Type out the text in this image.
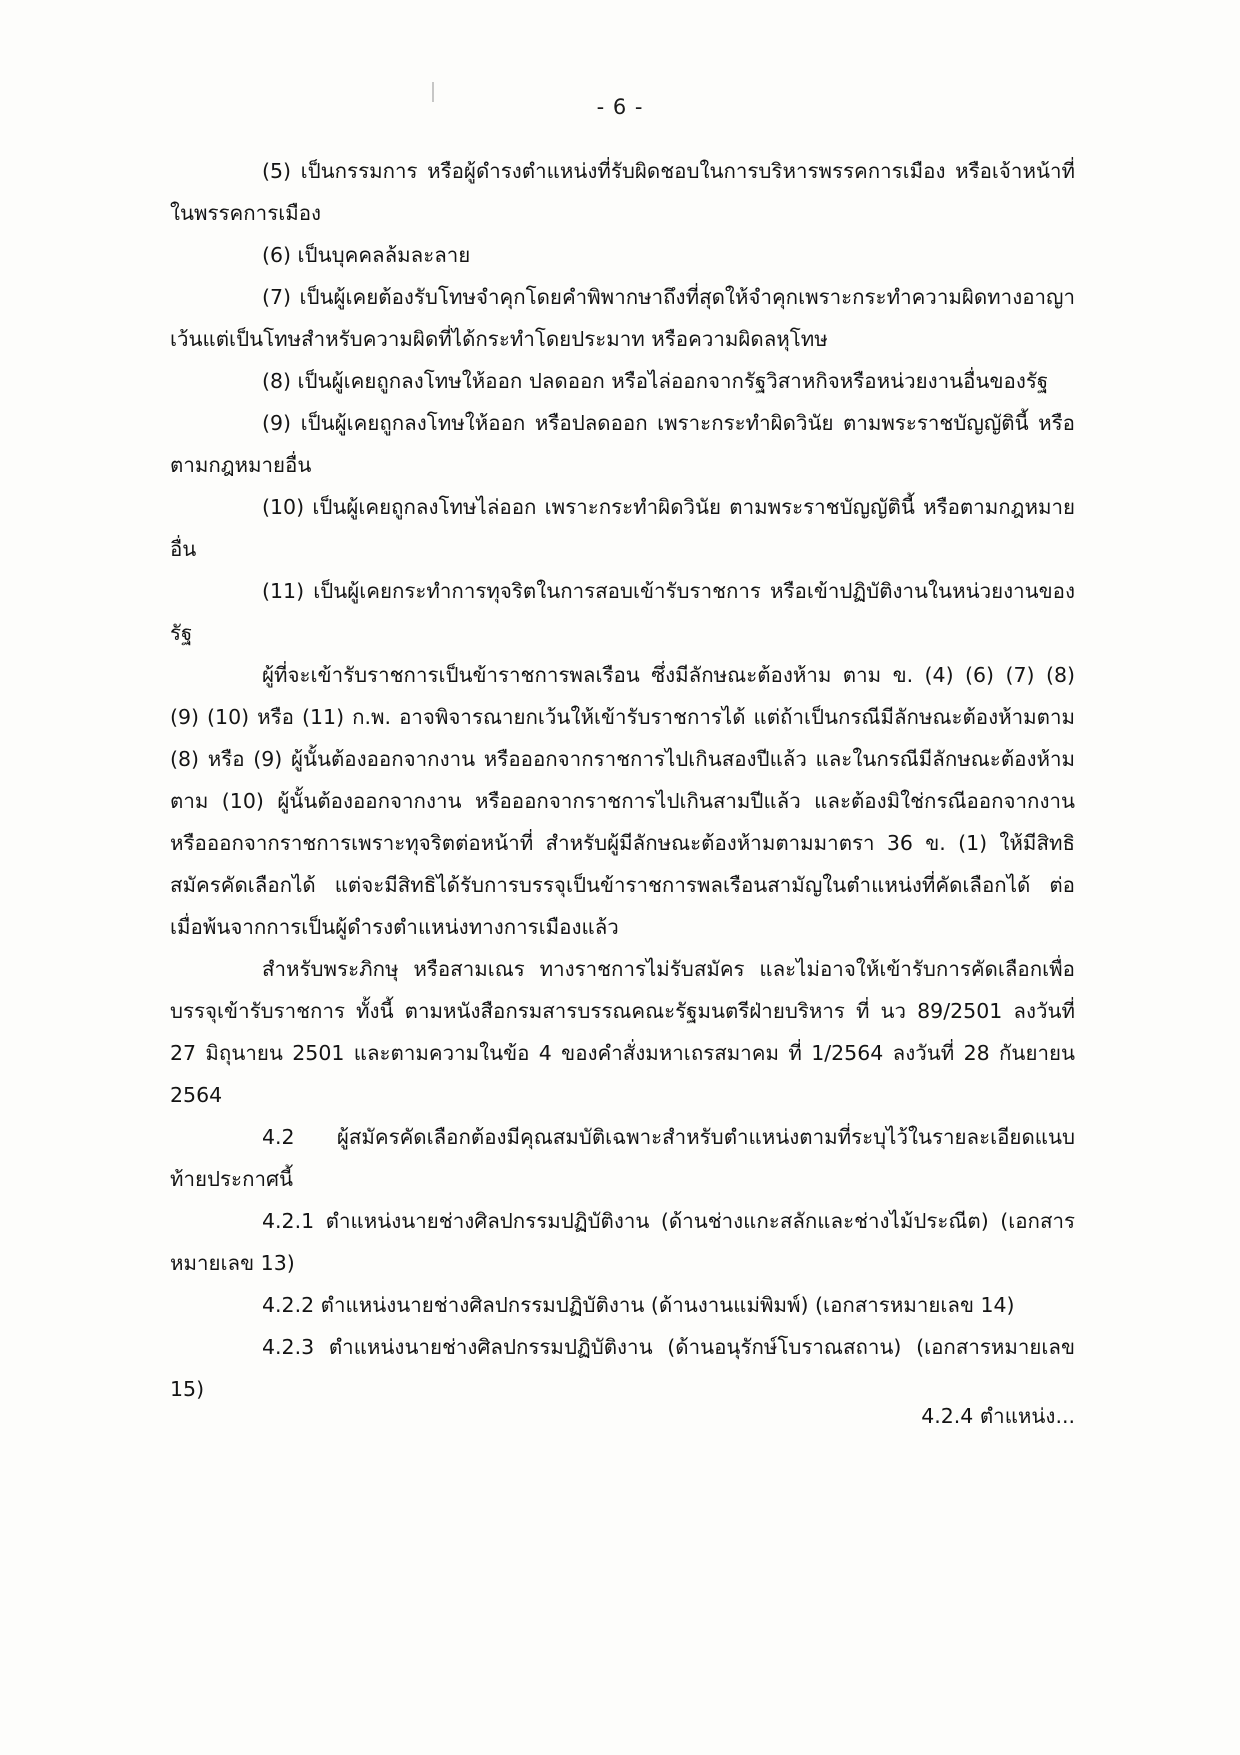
- 6 -

(5) เป็นกรรมการ หรือผู้ดำรงตำแหน่งที่รับผิดชอบในการบริหารพรรคการเมือง หรือเจ้าหน้าที่ในพรรคการเมือง

(6) เป็นบุคคลล้มละลาย

(7) เป็นผู้เคยต้องรับโทษจำคุกโดยคำพิพากษาถึงที่สุดให้จำคุกเพราะกระทำความผิดทางอาญา เว้นแต่เป็นโทษสำหรับความผิดที่ได้กระทำโดยประมาท หรือความผิดลหุโทษ

(8) เป็นผู้เคยถูกลงโทษให้ออก ปลดออก หรือไล่ออกจากรัฐวิสาหกิจหรือหน่วยงานอื่นของรัฐ

(9) เป็นผู้เคยถูกลงโทษให้ออก หรือปลดออก เพราะกระทำผิดวินัย ตามพระราชบัญญัตินี้ หรือตามกฎหมายอื่น

(10) เป็นผู้เคยถูกลงโทษไล่ออก เพราะกระทำผิดวินัย ตามพระราชบัญญัตินี้ หรือตามกฎหมายอื่น

(11) เป็นผู้เคยกระทำการทุจริตในการสอบเข้ารับราชการ หรือเข้าปฏิบัติงานในหน่วยงานของรัฐ

ผู้ที่จะเข้ารับราชการเป็นข้าราชการพลเรือน ซึ่งมีลักษณะต้องห้าม ตาม ข. (4) (6) (7) (8) (9) (10) หรือ (11) ก.พ. อาจพิจารณายกเว้นให้เข้ารับราชการได้ แต่ถ้าเป็นกรณีมีลักษณะต้องห้ามตาม (8) หรือ (9) ผู้นั้นต้องออกจากงาน หรือออกจากราชการไปเกินสองปีแล้ว และในกรณีมีลักษณะต้องห้ามตาม (10) ผู้นั้นต้องออกจากงาน หรือออกจากราชการไปเกินสามปีแล้ว และต้องมิใช่กรณีออกจากงาน หรือออกจากราชการเพราะทุจริตต่อหน้าที่ สำหรับผู้มีลักษณะต้องห้ามตามมาตรา 36 ข. (1) ให้มีสิทธิสมัครคัดเลือกได้ แต่จะมีสิทธิได้รับการบรรจุเป็นข้าราชการพลเรือนสามัญในตำแหน่งที่คัดเลือกได้ ต่อเมื่อพ้นจากการเป็นผู้ดำรงตำแหน่งทางการเมืองแล้ว

สำหรับพระภิกษุ หรือสามเณร ทางราชการไม่รับสมัคร และไม่อาจให้เข้ารับการคัดเลือกเพื่อบรรจุเข้ารับราชการ ทั้งนี้ ตามหนังสือกรมสารบรรณคณะรัฐมนตรีฝ่ายบริหาร ที่ นว 89/2501 ลงวันที่ 27 มิถุนายน 2501 และตามความในข้อ 4 ของคำสั่งมหาเถรสมาคม ที่ 1/2564 ลงวันที่ 28 กันยายน 2564

4.2 ผู้สมัครคัดเลือกต้องมีคุณสมบัติเฉพาะสำหรับตำแหน่งตามที่ระบุไว้ในรายละเอียดแนบท้ายประกาศนี้

4.2.1 ตำแหน่งนายช่างศิลปกรรมปฏิบัติงาน (ด้านช่างแกะสลักและช่างไม้ประณีต) (เอกสารหมายเลข 13)

4.2.2 ตำแหน่งนายช่างศิลปกรรมปฏิบัติงาน (ด้านงานแม่พิมพ์) (เอกสารหมายเลข 14)

4.2.3 ตำแหน่งนายช่างศิลปกรรมปฏิบัติงาน (ด้านอนุรักษ์โบราณสถาน) (เอกสารหมายเลข 15)

4.2.4 ตำแหน่ง...
